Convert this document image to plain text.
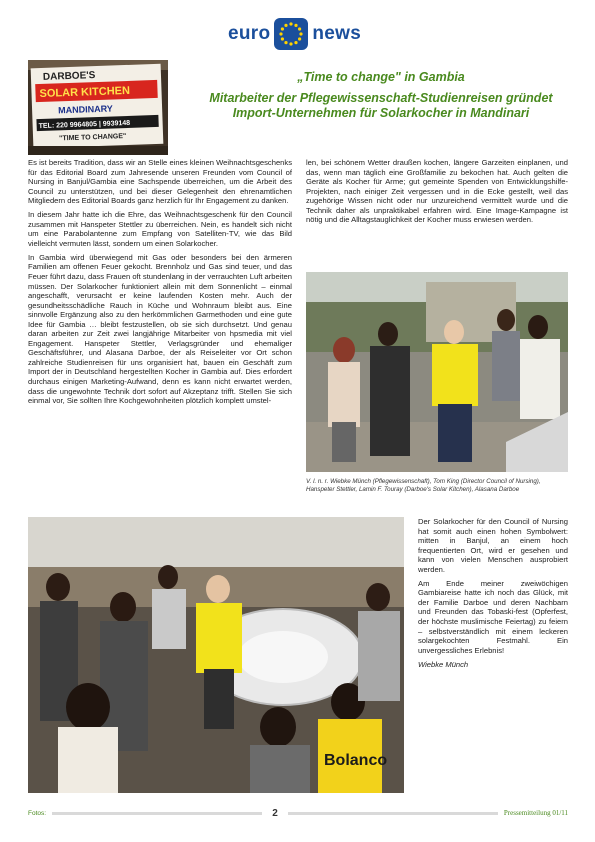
euro news
DARBOE'S
SOLAR KITCHEN
MANDINARY
TEL: 220 9964805 | 9939148
"TIME TO CHANGE"
„Time to change" in Gambia
Mitarbeiter der Pflegewissenschaft-Studienreisen gründet Import-Unternehmen für Solarkocher in Mandinari

Es ist bereits Tradition, dass wir an Stelle eines kleinen Weihnachtsgeschenks für das Editorial Board zum Jahresende unseren Freunden vom Council of Nursing in Banjul/Gambia eine Sachspende überreichen, um die Arbeit des Council zu unterstützen, und bei dieser Gelegenheit den ehrenamtlichen Mitgliedern des Editorial Boards ganz herzlich für Ihr Engagement zu danken.

In diesem Jahr hatte ich die Ehre, das Weihnachtsgeschenk für den Council zusammen mit Hanspeter Stettler zu überreichen. Nein, es handelt sich nicht um eine Parabolantenne zum Empfang von Satelliten-TV, wie das Bild vielleicht vermuten lässt, sondern um einen Solarkocher.

In Gambia wird überwiegend mit Gas oder besonders bei den ärmeren Familien am offenen Feuer gekocht. Brennholz und Gas sind teuer, und das Feuer führt dazu, dass Frauen oft stundenlang in der verrauchten Luft arbeiten müssen. Der Solarkocher funktioniert allein mit dem Sonnenlicht – einmal angeschafft, verursacht er keine laufenden Kosten mehr. Auch der gesundheitsschädliche Rauch in Küche und Wohnraum bleibt aus. Eine sinnvolle Ergänzung also zu den herkömmlichen Garmethoden und eine gute Idee für Gambia … bleibt festzustellen, ob sie sich durchsetzt. Und genau daran arbeiten zur Zeit zwei langjährige Mitarbeiter von hpsmedia mit viel Engagement. Hanspeter Stettler, Verlagsgründer und ehemaliger Geschäftsführer, und Alasana Darboe, der als Reiseleiter vor Ort schon zahlreiche Studienreisen für uns organisiert hat, bauen ein Geschäft zum Import der in Deutschland hergestellten Kocher in Gambia auf. Dies erfordert durchaus einigen Marketing-Aufwand, denn es kann nicht erwartet werden, dass die ungewohnte Technik dort sofort auf Akzeptanz trifft. Stellen Sie sich einmal vor, Sie sollten Ihre Kochgewohnheiten plötzlich komplett umstel-

len, bei schönem Wetter draußen kochen, längere Garzeiten einplanen, und das, wenn man täglich eine Großfamilie zu bekochen hat. Auch gelten die Geräte als Kocher für Arme; gut gemeinte Spenden von Entwicklungshilfe-Projekten, nach einiger Zeit vergessen und in die Ecke gestellt, weil das zugehörige Wissen nicht oder nur unzureichend vermittelt wurde und die Technik daher als unpraktikabel erfahren wird. Eine Image-Kampagne ist nötig und die Alltagstauglichkeit der Kocher muss erwiesen werden.

V. l. n. r. Wiebke Münch (Pflegewissenschaft), Tom King (Director Council of Nursing), Hanspeter Stettler, Lamin F. Touray (Darboe's Solar Kitchen), Alasana Darboe
Bolanco

Der Solarkocher für den Council of Nursing hat somit auch einen hohen Symbolwert: mitten in Banjul, an einem hoch frequentierten Ort, wird er gesehen und kann von vielen Menschen ausprobiert werden.

Am Ende meiner zweiwöchigen Gambiareise hatte ich noch das Glück, mit der Familie Darboe und deren Nachbarn und Freunden das Tobaski-fest (Opferfest, der höchste muslimische Feiertag) zu feiern – selbstverständlich mit einem leckeren solargekochten Festmahl. Ein unvergessliches Erlebnis!

Wiebke Münch

Fotos:	2	Pressemitteilung 01/11
